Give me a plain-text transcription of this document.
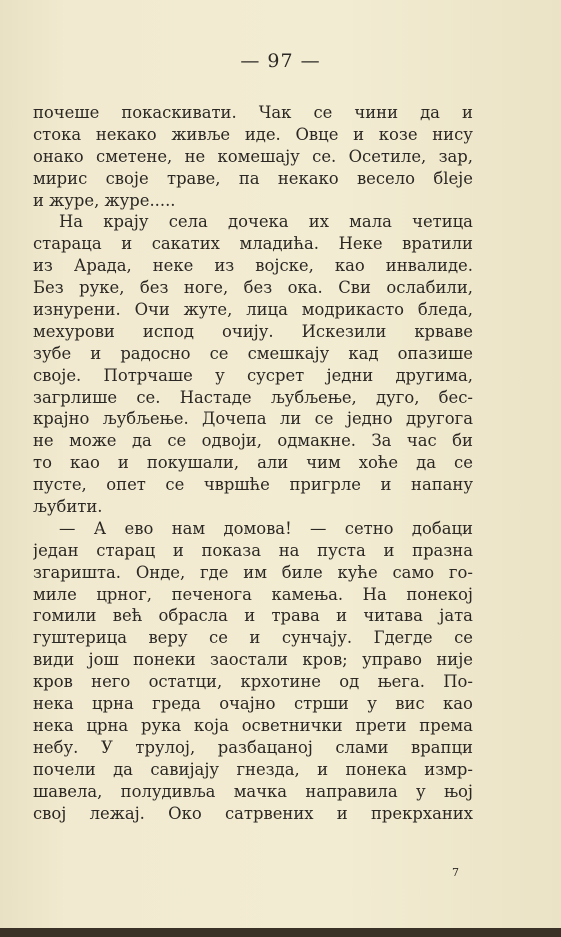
— 97 —
почеше покаскивати. Чак се чини да и
стока некако живље иде. Овце и козе нису
онако сметене, не комешају се. Осетиле, зар,
мирис своје траве, па некако весело бleје
и журе, журе.....
На крају села дочека их мала четица
стараца и сакатих младића. Неке вратили
из Арада, неке из војске, као инвалиде.
Без руке, без ноге, без ока. Сви ослабили,
изнурени. Очи жуте, лица модрикасто бледа,
мехурови испод очију. Искезили крваве
зубе и радосно се смешкају кад опазише
своје. Потрчаше у сусрет једни другима,
загрлише се. Настаде љубљење, дуго, бес-
крајно љубљење. Дочепа ли се једно другога
не може да се одвоји, одмакне. За час би
то као и покушали, али чим хоће да се
пусте, опет се чвршће пригрле и напану
љубити.
— А ево нам домова! — сетно добаци
један старац и показа на пуста и празна
згаришта. Онде, где им биле куће само го-
миле црног, печеногa камења. На понекој
гомили већ обрасла и трава и читава јата
гуштерица веру се и сунчају. Гдегде се
види још понеки заостали кров; управо није
кров него остатци, крхотине од њега. По-
нека црна греда очајно стрши у вис као
нека црна рука која осветнички прети према
небу. У трулој, разбацаној слами врапци
почели да савијају гнезда, и понека измр-
шавела, полудивља мачка направила у њој
свој лежај. Око сатрвених и прекрханих
7
